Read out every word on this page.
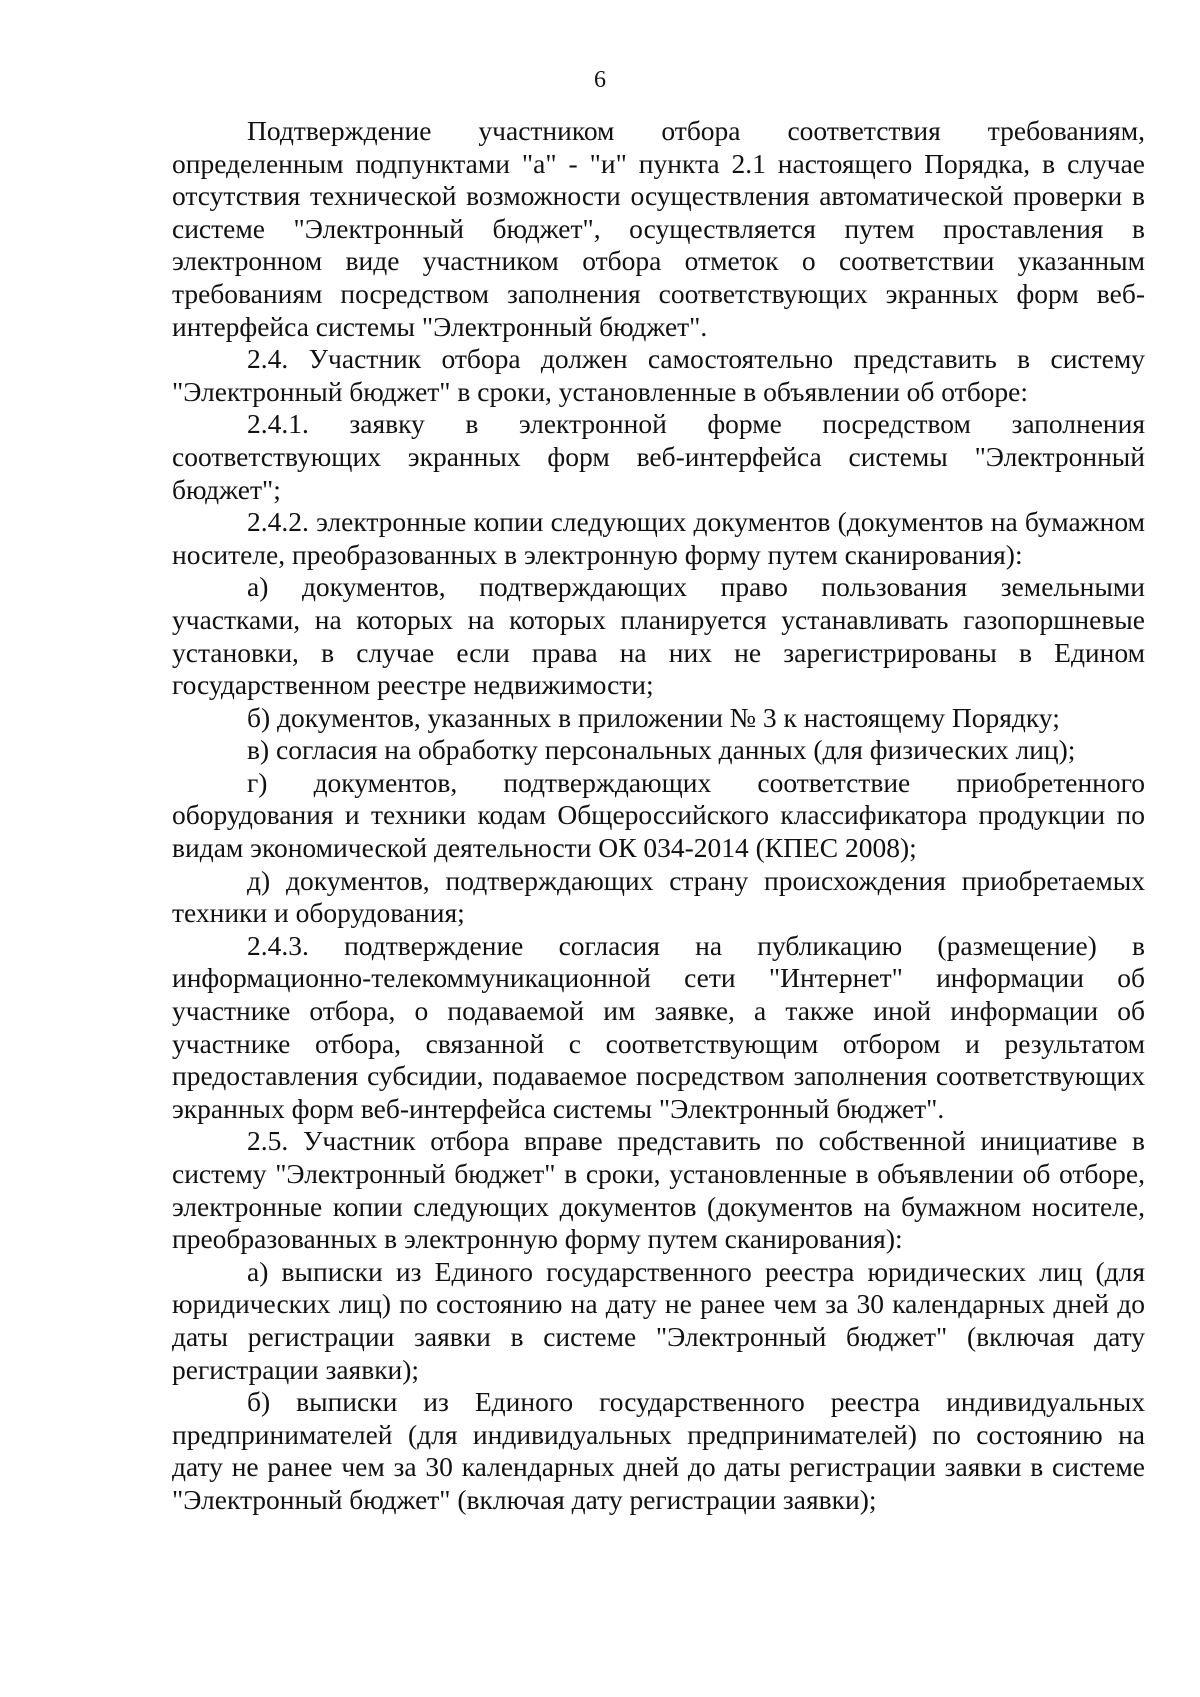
6

Подтверждение участником отбора соответствия требованиям, определенным подпунктами "а" - "и" пункта 2.1 настоящего Порядка, в случае отсутствия технической возможности осуществления автоматической проверки в системе "Электронный бюджет", осуществляется путем проставления в электронном виде участником отбора отметок о соответствии указанным требованиям посредством заполнения соответствующих экранных форм веб-интерфейса системы "Электронный бюджет".

2.4. Участник отбора должен самостоятельно представить в систему "Электронный бюджет" в сроки, установленные в объявлении об отборе:

2.4.1. заявку в электронной форме посредством заполнения соответствующих экранных форм веб-интерфейса системы "Электронный бюджет";

2.4.2. электронные копии следующих документов (документов на бумажном носителе, преобразованных в электронную форму путем сканирования):

а) документов, подтверждающих право пользования земельными участками, на которых на которых планируется устанавливать газопоршневые установки, в случае если права на них не зарегистрированы в Едином государственном реестре недвижимости;

б) документов, указанных в приложении № 3 к настоящему Порядку;

в) согласия на обработку персональных данных (для физических лиц);

г) документов, подтверждающих соответствие приобретенного оборудования и техники кодам Общероссийского классификатора продукции по видам экономической деятельности ОК 034-2014 (КПЕС 2008);

д) документов, подтверждающих страну происхождения приобретаемых техники и оборудования;

2.4.3. подтверждение согласия на публикацию (размещение) в информационно-телекоммуникационной сети "Интернет" информации об участнике отбора, о подаваемой им заявке, а также иной информации об участнике отбора, связанной с соответствующим отбором и результатом предоставления субсидии, подаваемое посредством заполнения соответствующих экранных форм веб-интерфейса системы "Электронный бюджет".

2.5. Участник отбора вправе представить по собственной инициативе в систему "Электронный бюджет" в сроки, установленные в объявлении об отборе, электронные копии следующих документов (документов на бумажном носителе, преобразованных в электронную форму путем сканирования):

а) выписки из Единого государственного реестра юридических лиц (для юридических лиц) по состоянию на дату не ранее чем за 30 календарных дней до даты регистрации заявки в системе "Электронный бюджет" (включая дату регистрации заявки);

б) выписки из Единого государственного реестра индивидуальных предпринимателей (для индивидуальных предпринимателей) по состоянию на дату не ранее чем за 30 календарных дней до даты регистрации заявки в системе "Электронный бюджет" (включая дату регистрации заявки);
